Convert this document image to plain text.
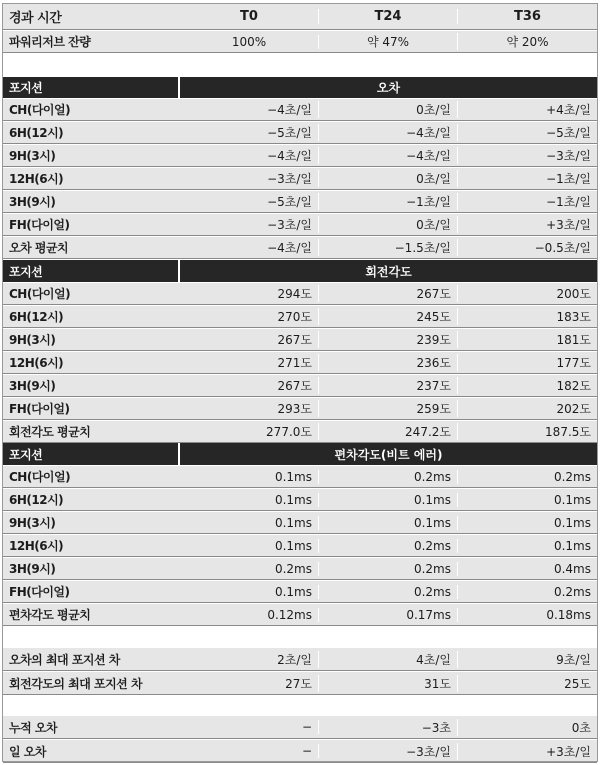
경과 시간	T0	T24	T36
파워리저브 잔량	100%	약 47%	약 20%
포지션	오차
CH(다이얼)	−4초/일	0초/일	+4초/일
6H(12시)	−5초/일	−4초/일	−5초/일
9H(3시)	−4초/일	−4초/일	−3초/일
12H(6시)	−3초/일	0초/일	−1초/일
3H(9시)	−5초/일	−1초/일	−1초/일
FH(다이얼)	−3초/일	0초/일	+3초/일
오차 평균치	−4초/일	−1.5초/일	−0.5초/일
포지션	회전각도
CH(다이얼)	294도	267도	200도
6H(12시)	270도	245도	183도
9H(3시)	267도	239도	181도
12H(6시)	271도	236도	177도
3H(9시)	267도	237도	182도
FH(다이얼)	293도	259도	202도
회전각도 평균치	277.0도	247.2도	187.5도
포지션	편차각도(비트 에러)
CH(다이얼)	0.1ms	0.2ms	0.2ms
6H(12시)	0.1ms	0.1ms	0.1ms
9H(3시)	0.1ms	0.1ms	0.1ms
12H(6시)	0.1ms	0.2ms	0.1ms
3H(9시)	0.2ms	0.2ms	0.4ms
FH(다이얼)	0.1ms	0.2ms	0.2ms
편차각도 평균치	0.12ms	0.17ms	0.18ms
오차의 최대 포지션 차	2초/일	4초/일	9초/일
회전각도의 최대 포지션 차	27도	31도	25도
누적 오차	−	−3초	0초
일 오차	−	−3초/일	+3초/일
